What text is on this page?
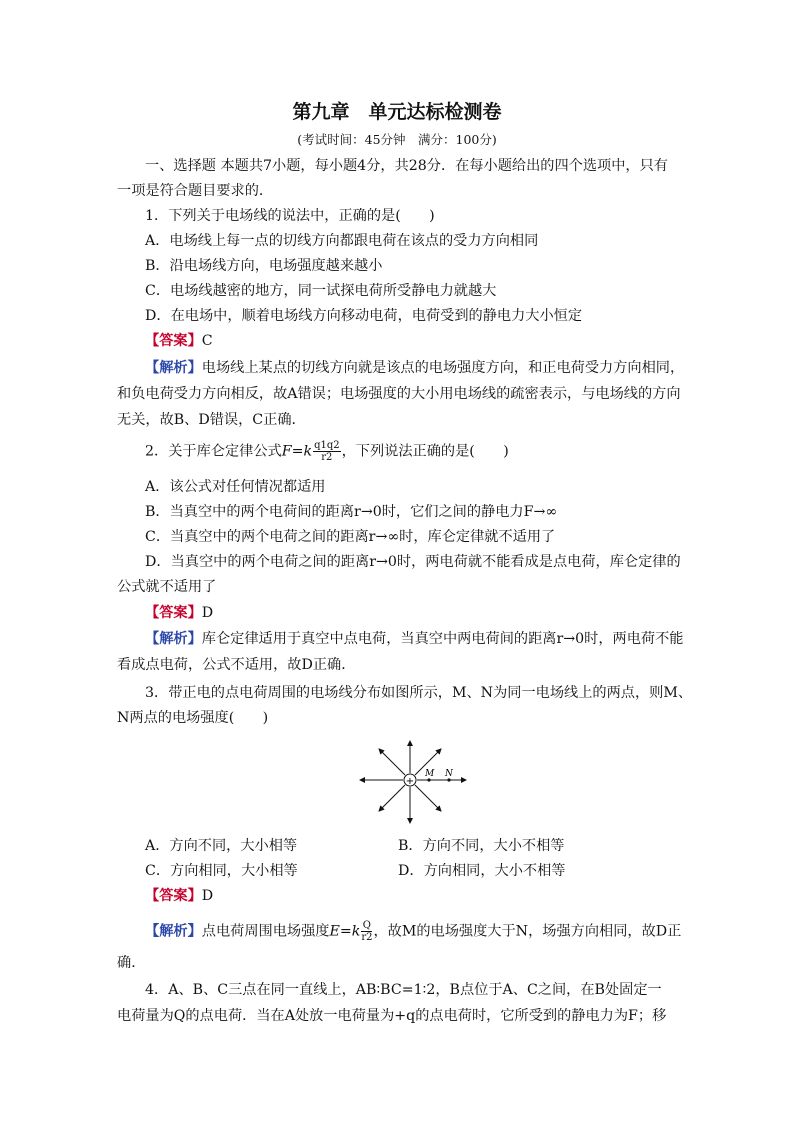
第九章　单元达标检测卷
(考试时间：45分钟　满分：100分)
一、选择题 本题共7小题，每小题4分，共28分．在每小题给出的四个选项中，只有
一项是符合题目要求的．
1．下列关于电场线的说法中，正确的是(　　)
A．电场线上每一点的切线方向都跟电荷在该点的受力方向相同
B．沿电场线方向，电场强度越来越小
C．电场线越密的地方，同一试探电荷所受静电力就越大
D．在电场中，顺着电场线方向移动电荷，电荷受到的静电力大小恒定
【答案】C
【解析】电场线上某点的切线方向就是该点的电场强度方向，和正电荷受力方向相同，
和负电荷受力方向相反，故A错误；电场强度的大小用电场线的疏密表示，与电场线的方向
无关，故B、D错误，C正确．
2．关于库仑定律公式$F=k \frac{q1q2}{r2}$ ，下列说法正确的是(　　)
A．该公式对任何情况都适用
B．当真空中的两个电荷间的距离r→0时，它们之间的静电力F→∞
C．当真空中的两个电荷之间的距离r→∞时，库仑定律就不适用了
D．当真空中的两个电荷之间的距离r→0时，两电荷就不能看成是点电荷，库仑定律的
公式就不适用了
【答案】D
【解析】库仑定律适用于真空中点电荷，当真空中两电荷间的距离r→0时，两电荷不能
看成点电荷，公式不适用，故D正确．
3．带正电的点电荷周围的电场线分布如图所示，M、N为同一电场线上的两点，则M、
N两点的电场强度(　　)
+
M N
A．方向不同，大小相等	B．方向不同，大小不相等
C．方向相同，大小相等	D．方向相同，大小不相等
【答案】D
【解析】点电荷周围电场强度$E=k \frac{Q}{r2}$ ，故M的电场强度大于N，场强方向相同，故D正
确．
4．A、B、C三点在同一直线上，AB∶BC=1∶2，B点位于A、C之间，在B处固定一
电荷量为Q的点电荷．当在A处放一电荷量为+q的点电荷时，它所受到的静电力为F；移
